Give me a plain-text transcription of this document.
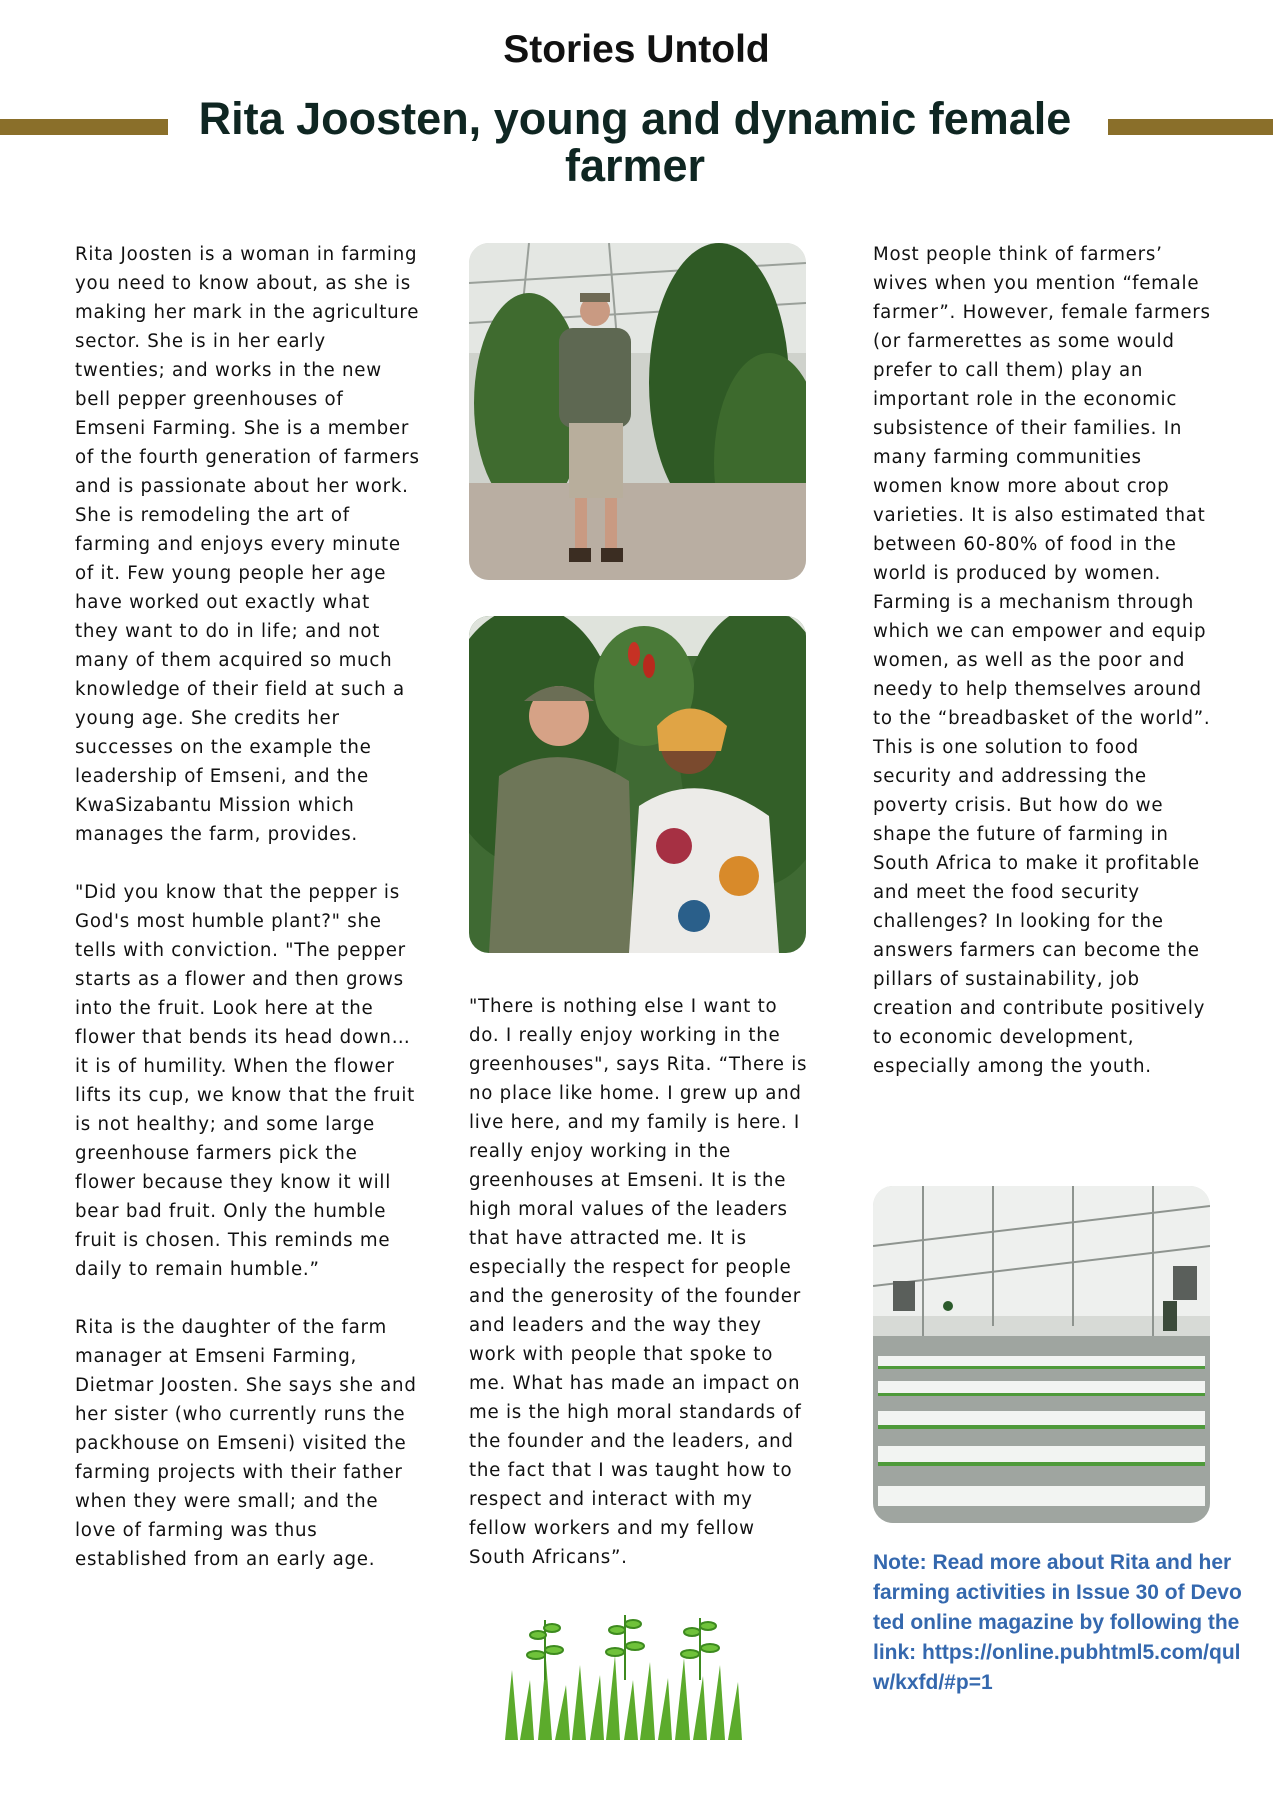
Stories Untold
Rita Joosten, young and dynamic female farmer

Rita Joosten is a woman in farming you need to know about, as she is making her mark in the agriculture sector. She is in her early twenties; and works in the new bell pepper greenhouses of Emseni Farming. She is a member of the fourth generation of farmers and is passionate about her work. She is remodeling the art of farming and enjoys every minute of it. Few young people her age have worked out exactly what they want to do in life; and not many of them acquired so much knowledge of their field at such a young age. She credits her successes on the example the leadership of Emseni, and the KwaSizabantu Mission which manages the farm, provides.

"Did you know that the pepper is God's most humble plant?" she tells with conviction. "The pepper starts as a flower and then grows into the fruit. Look here at the flower that bends its head down… it is of humility. When the flower lifts its cup, we know that the fruit is not healthy; and some large greenhouse farmers pick the flower because they know it will bear bad fruit. Only the humble fruit is chosen. This reminds me daily to remain humble.”

Rita is the daughter of the farm manager at Emseni Farming, Dietmar Joosten. She says she and her sister (who currently runs the packhouse on Emseni) visited the farming projects with their father when they were small; and the love of farming was thus established from an early age.

"There is nothing else I want to do. I really enjoy working in the greenhouses", says Rita. “There is no place like home. I grew up and live here, and my family is here. I really enjoy working in the greenhouses at Emseni. It is the high moral values of the leaders that have attracted me. It is especially the respect for people and the generosity of the founder and leaders and the way they work with people that spoke to me. What has made an impact on me is the high moral standards of the founder and the leaders, and the fact that I was taught how to respect and interact with my fellow workers and my fellow South Africans”.

Most people think of farmers’ wives when you mention “female farmer”. However, female farmers (or farmerettes as some would prefer to call them) play an important role in the economic subsistence of their families. In many farming communities women know more about crop varieties. It is also estimated that between 60-80% of food in the world is produced by women.

Farming is a mechanism through which we can empower and equip women, as well as the poor and needy to help themselves around to the “breadbasket of the world”. This is one solution to food security and addressing the poverty crisis. But how do we shape the future of farming in South Africa to make it profitable and meet the food security challenges? In looking for the answers farmers can become the pillars of sustainability, job creation and contribute positively to economic development, especially among the youth.

Note: Read more about Rita and her farming activities in Issue 30 of Devoted online magazine by following the link: https://online.pubhtml5.com/qulw/kxfd/#p=1
